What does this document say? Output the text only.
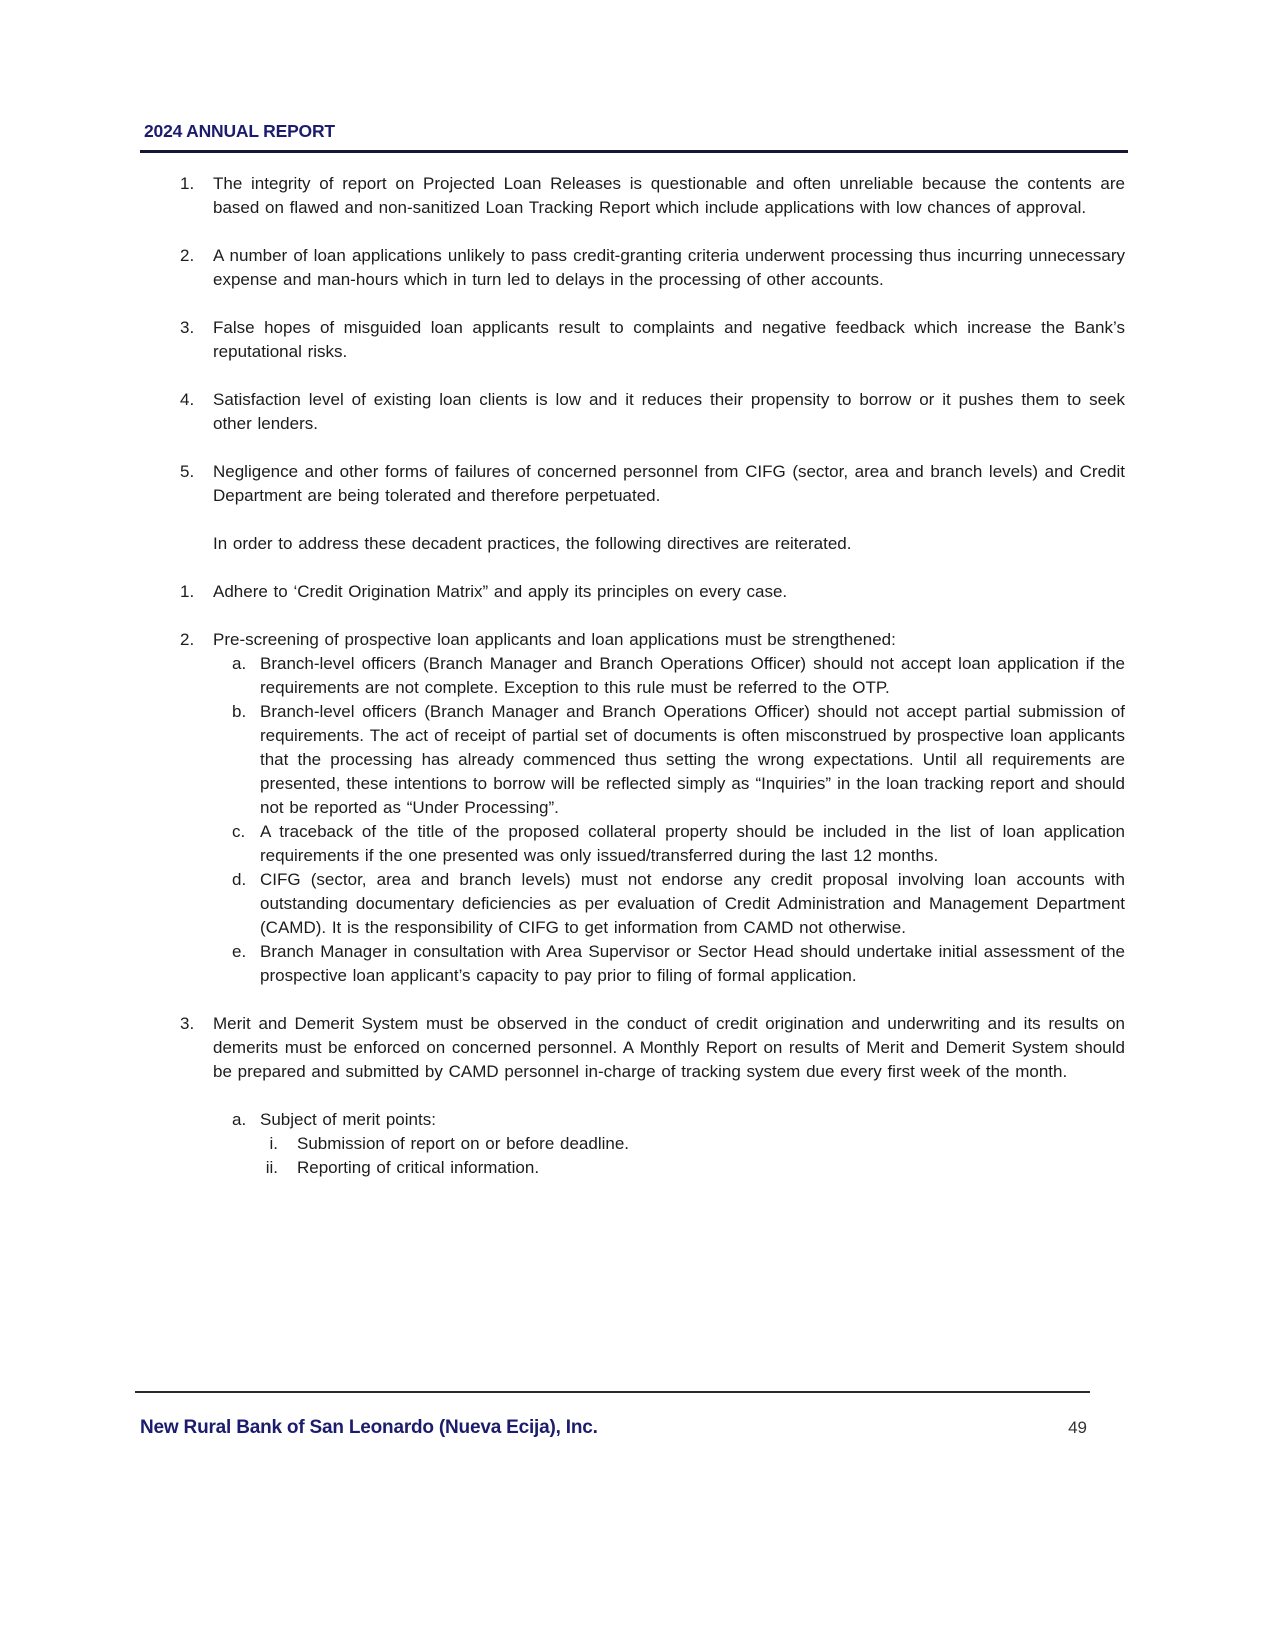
2024 ANNUAL REPORT
1.	The integrity of report on Projected Loan Releases is questionable and often unreliable because the contents are based on flawed and non-sanitized Loan Tracking Report which include applications with low chances of approval.
2.	A number of loan applications unlikely to pass credit-granting criteria underwent processing thus incurring unnecessary expense and man-hours which in turn led to delays in the processing of other accounts.
3.	False hopes of misguided loan applicants result to complaints and negative feedback which increase the Bank’s reputational risks.
4.	Satisfaction level of existing loan clients is low and it reduces their propensity to borrow or it pushes them to seek other lenders.
5.	Negligence and other forms of failures of concerned personnel from CIFG (sector, area and branch levels) and Credit Department are being tolerated and therefore perpetuated.
In order to address these decadent practices, the following directives are reiterated.
1.	Adhere to ‘Credit Origination Matrix” and apply its principles on every case.
2.	Pre-screening of prospective loan applicants and loan applications must be strengthened:
a. Branch-level officers (Branch Manager and Branch Operations Officer) should not accept loan application if the requirements are not complete. Exception to this rule must be referred to the OTP.
b. Branch-level officers (Branch Manager and Branch Operations Officer) should not accept partial submission of requirements. The act of receipt of partial set of documents is often misconstrued by prospective loan applicants that the processing has already commenced thus setting the wrong expectations. Until all requirements are presented, these intentions to borrow will be reflected simply as “Inquiries” in the loan tracking report and should not be reported as “Under Processing”.
c. A traceback of the title of the proposed collateral property should be included in the list of loan application requirements if the one presented was only issued/transferred during the last 12 months.
d. CIFG (sector, area and branch levels) must not endorse any credit proposal involving loan accounts with outstanding documentary deficiencies as per evaluation of Credit Administration and Management Department (CAMD). It is the responsibility of CIFG to get information from CAMD not otherwise.
e. Branch Manager in consultation with Area Supervisor or Sector Head should undertake initial assessment of the prospective loan applicant’s capacity to pay prior to filing of formal application.
3.	Merit and Demerit System must be observed in the conduct of credit origination and underwriting and its results on demerits must be enforced on concerned personnel. A Monthly Report on results of Merit and Demerit System should be prepared and submitted by CAMD personnel in-charge of tracking system due every first week of the month.
a. Subject of merit points:
i. Submission of report on or before deadline.
ii. Reporting of critical information.
New Rural Bank of San Leonardo (Nueva Ecija), Inc.	49
